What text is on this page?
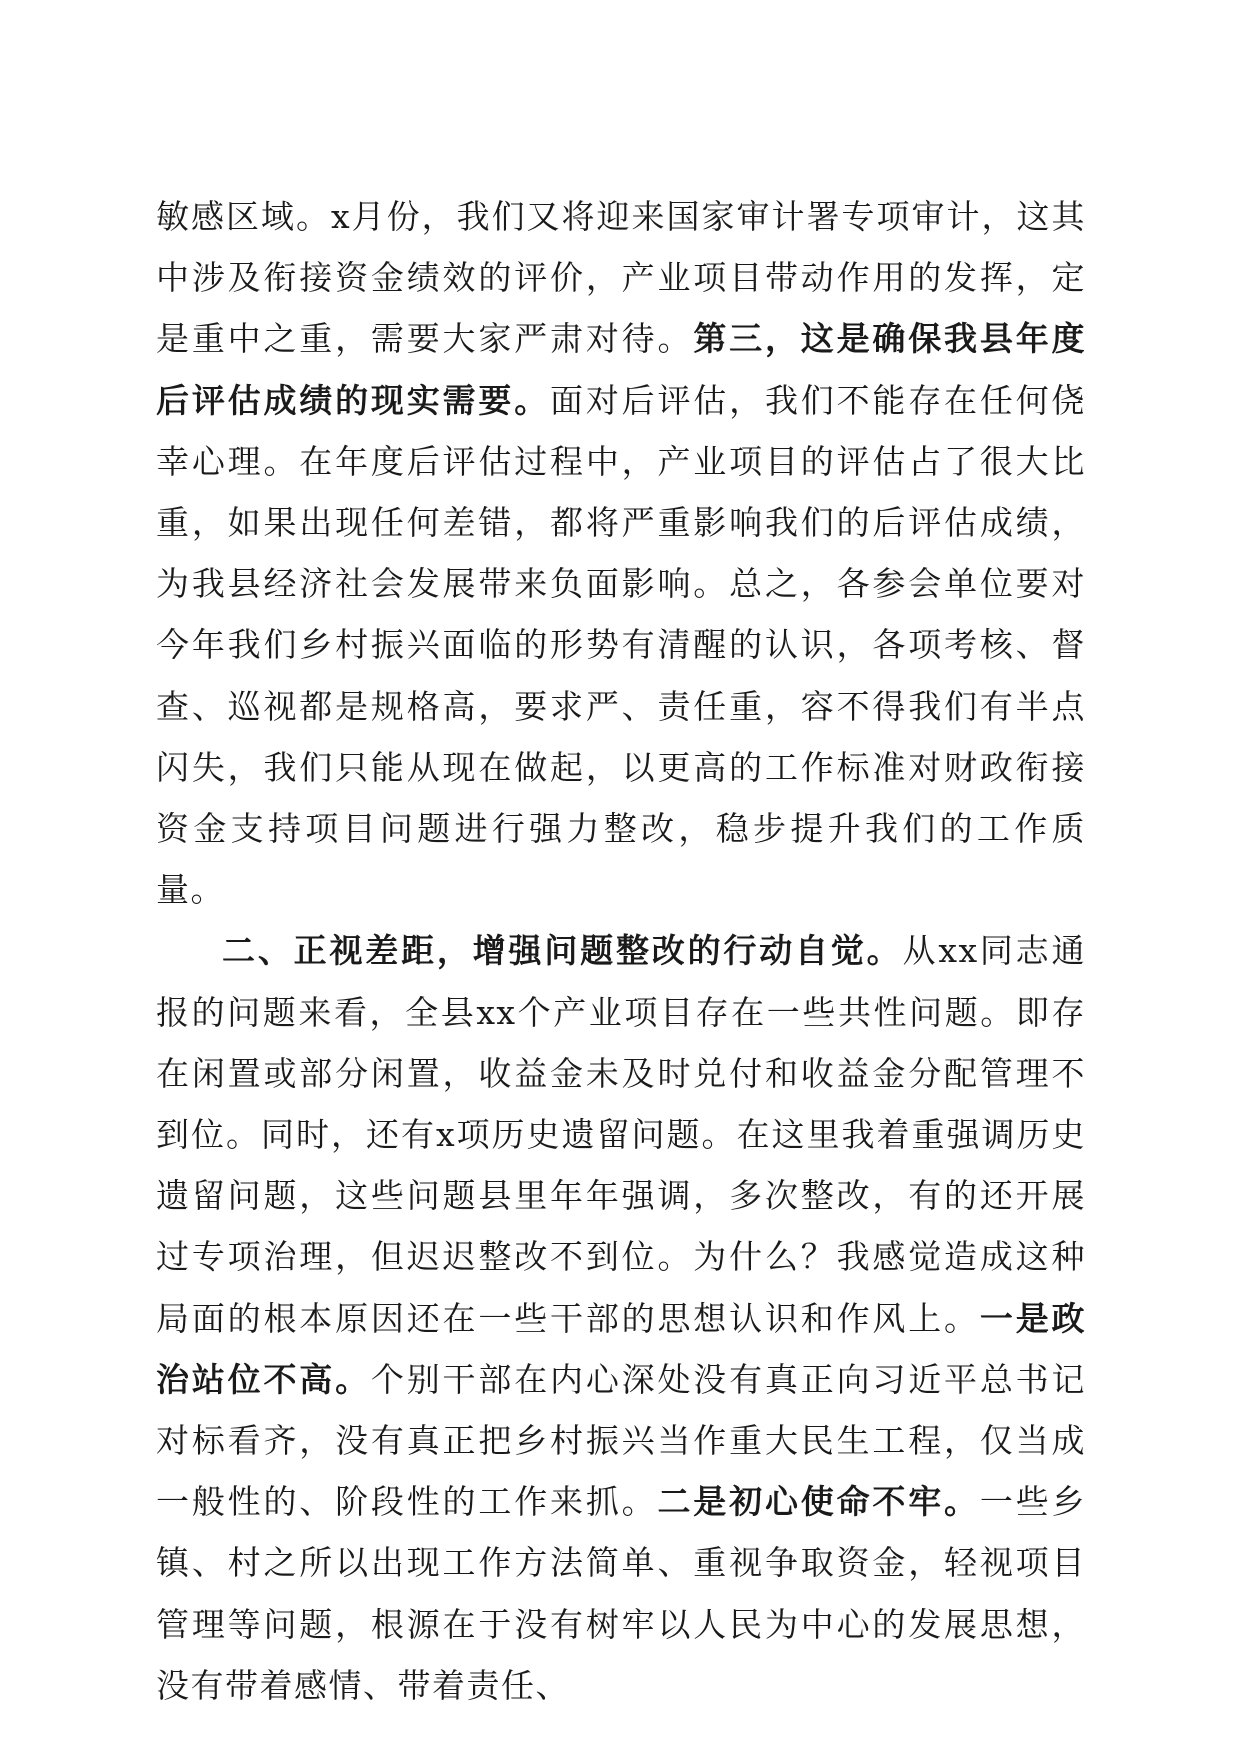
敏感区域。x月份，我们又将迎来国家审计署专项审计，这其中涉及衔接资金绩效的评价，产业项目带动作用的发挥，定是重中之重，需要大家严肃对待。第三，这是确保我县年度后评估成绩的现实需要。面对后评估，我们不能存在任何侥幸心理。在年度后评估过程中，产业项目的评估占了很大比重，如果出现任何差错，都将严重影响我们的后评估成绩，为我县经济社会发展带来负面影响。总之，各参会单位要对今年我们乡村振兴面临的形势有清醒的认识，各项考核、督查、巡视都是规格高，要求严、责任重，容不得我们有半点闪失，我们只能从现在做起，以更高的工作标准对财政衔接资金支持项目问题进行强力整改，稳步提升我们的工作质量。

二、正视差距，增强问题整改的行动自觉。从xx同志通报的问题来看，全县xx个产业项目存在一些共性问题。即存在闲置或部分闲置，收益金未及时兑付和收益金分配管理不到位。同时，还有x项历史遗留问题。在这里我着重强调历史遗留问题，这些问题县里年年强调，多次整改，有的还开展过专项治理，但迟迟整改不到位。为什么？我感觉造成这种局面的根本原因还在一些干部的思想认识和作风上。一是政治站位不高。个别干部在内心深处没有真正向习近平总书记对标看齐，没有真正把乡村振兴当作重大民生工程，仅当成一般性的、阶段性的工作来抓。二是初心使命不牢。一些乡镇、村之所以出现工作方法简单、重视争取资金，轻视项目管理等问题，根源在于没有树牢以人民为中心的发展思想，没有带着感情、带着责任、
